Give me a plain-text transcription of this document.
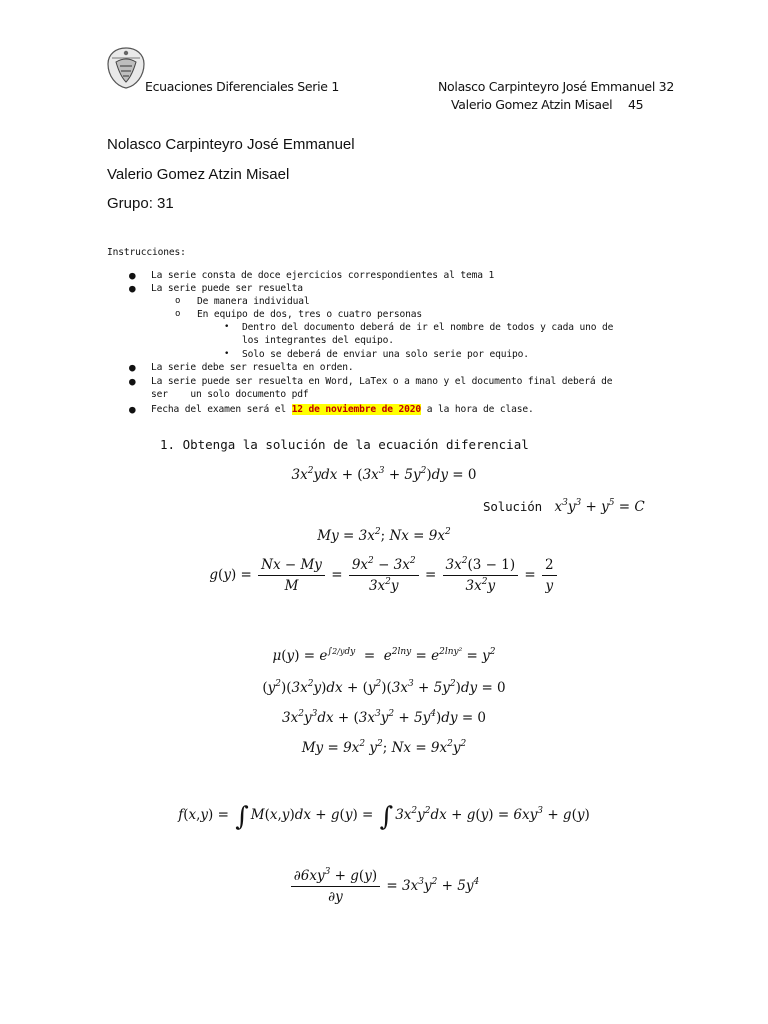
Ecuaciones Diferenciales Serie 1	Nolasco Carpinteyro José Emmanuel 32
Valerio Gomez Atzin Misael 45
Nolasco Carpinteyro José Emmanuel
Valerio Gomez Atzin Misael
Grupo: 31
Instrucciones:
● La serie consta de doce ejercicios correspondientes al tema 1
● La serie puede ser resuelta
o De manera individual
o En equipo de dos, tres o cuatro personas
• Dentro del documento deberá de ir el nombre de todos y cada uno de
los integrantes del equipo.
• Solo se deberá de enviar una solo serie por equipo.
● La serie debe ser resuelta en orden.
● La serie puede ser resuelta en Word, LaTex o a mano y el documento final deberá de
ser    un solo documento pdf
● Fecha del examen será el 12 de noviembre de 2020 a la hora de clase.
1. Obtenga la solución de la ecuación diferencial
$3x^2ydx + (3x^3 + 5y^2)dy = 0$
Solución $x^3y^3 + y^5 = C$
$My = 3x^2$; $Nx = 9x^2$
$g(y) = \frac{Nx - My}{M} = \frac{9x^2 - 3x^2}{3x^2y} = \frac{3x^2(3 - 1)}{3x^2y} = \frac{2}{y}$
$\mu(y) = e^{\int 2/ydy} = e^{2lny} = e^{2lny^2} = y^2$
$(y^2)(3x^2y)dx + (y^2)(3x^3 + 5y^2)dy = 0$
$3x^2y^3dx + (3x^3y^2 + 5y^4)dy = 0$
$My = 9x^2$ $y^2$; $Nx = 9x^2y^2$
f(x,y) = ∫ M(x,y)dx + g(y) = ∫ $3x^2y^2dx + g(y) = 6xy^3 + g(y)$
$\frac{\partial 6xy^3 + g(y)}{\partial y} = 3x^3y^2 + 5y^4$
